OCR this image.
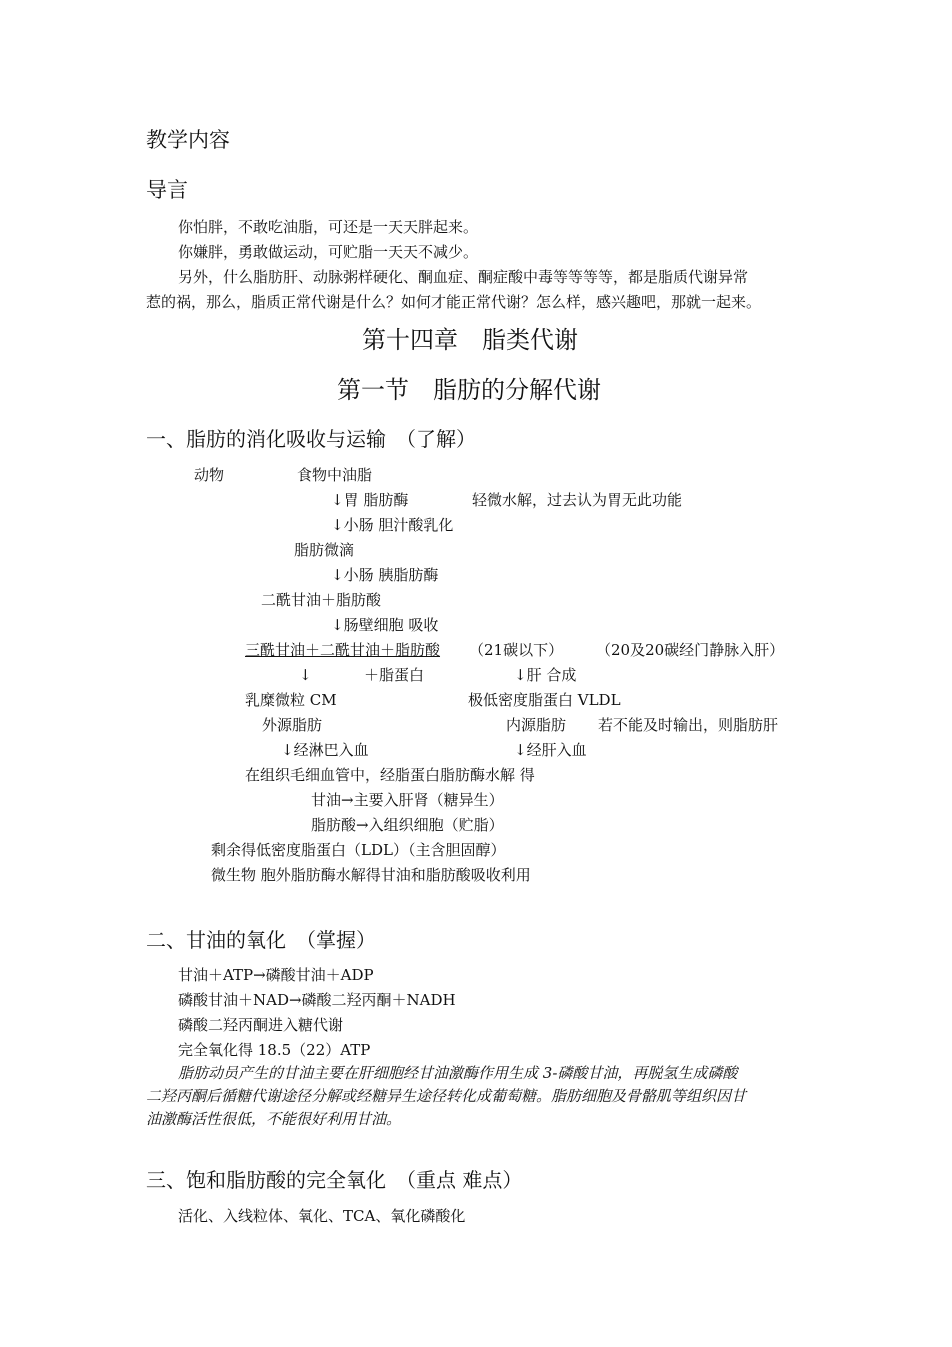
教学内容
导言
你怕胖，不敢吃油脂，可还是一天天胖起来。
你嫌胖，勇敢做运动，可贮脂一天天不减少。
另外，什么脂肪肝、动脉粥样硬化、酮血症、酮症酸中毒等等等等，都是脂质代谢异常
惹的祸，那么，脂质正常代谢是什么？如何才能正常代谢？怎么样，感兴趣吧，那就一起来。
第十四章　脂类代谢
第一节　脂肪的分解代谢
一、脂肪的消化吸收与运输　（了解）
动物	食物中油脂
↓胃 脂肪酶	轻微水解，过去认为胃无此功能
↓小肠 胆汁酸乳化
脂肪微滴
↓小肠 胰脂肪酶
二酰甘油＋脂肪酸
↓肠壁细胞 吸收
三酰甘油＋二酰甘油＋脂肪酸 （21碳以下） （20及20碳经门静脉入肝）
↓	＋脂蛋白	↓肝 合成
乳糜微粒 CM	极低密度脂蛋白 VLDL
外源脂肪	内源脂肪 若不能及时输出，则脂肪肝
↓经淋巴入血	↓经肝入血
在组织毛细血管中，经脂蛋白脂肪酶水解 得
甘油→主要入肝肾（糖异生）
脂肪酸→入组织细胞（贮脂）
剩余得低密度脂蛋白（LDL）（主含胆固醇）
微生物 胞外脂肪酶水解得甘油和脂肪酸吸收利用
二、甘油的氧化　（掌握）
甘油＋ATP→磷酸甘油＋ADP
磷酸甘油＋NAD→磷酸二羟丙酮＋NADH
磷酸二羟丙酮进入糖代谢
完全氧化得 18.5（22）ATP
脂肪动员产生的甘油主要在肝细胞经甘油激酶作用生成 3-磷酸甘油，再脱氢生成磷酸
二羟丙酮后循糖代谢途径分解或经糖异生途径转化成葡萄糖。脂肪细胞及骨骼肌等组织因甘
油激酶活性很低，不能很好利用甘油。
三、饱和脂肪酸的完全氧化　（重点 难点）
活化、入线粒体、氧化、TCA、氧化磷酸化
